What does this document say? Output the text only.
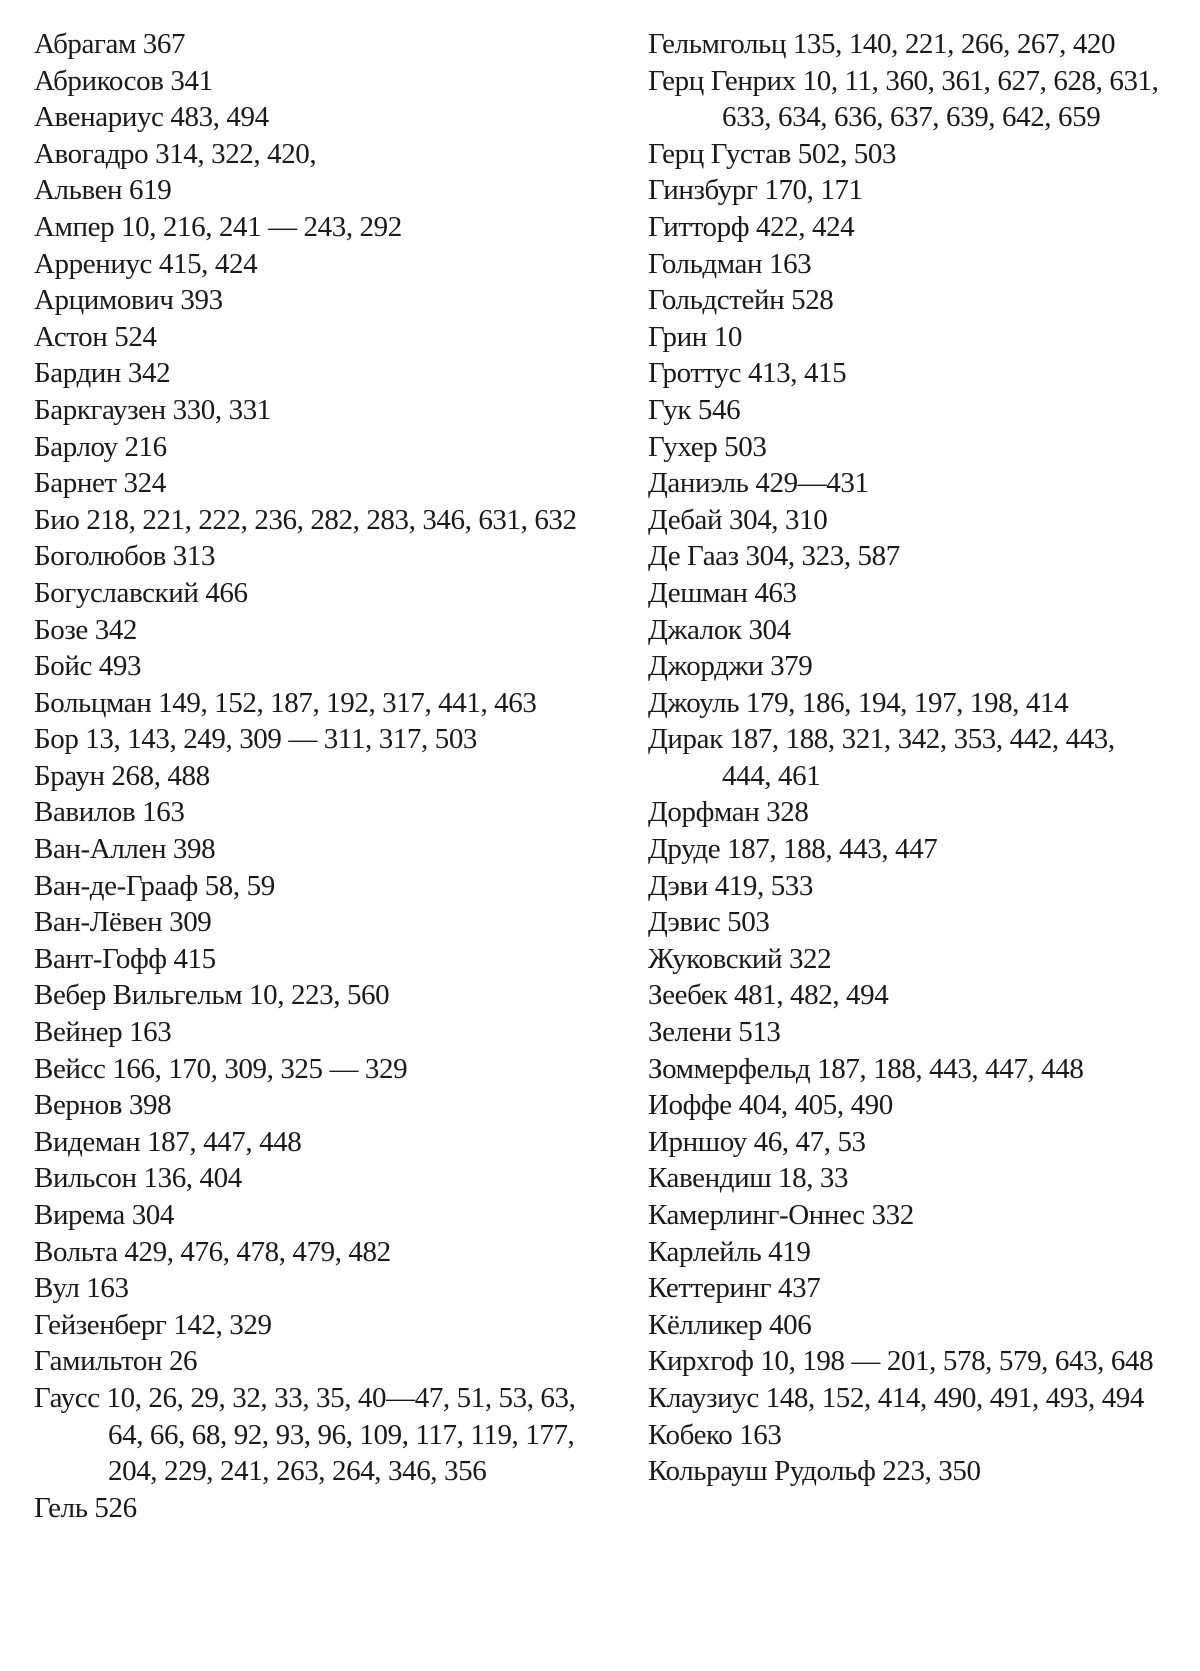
Абрагам 367
Абрикосов 341
Авенариус 483, 494
Авогадро 314, 322, 420,
Альвен 619
Ампер 10, 216, 241 — 243, 292
Аррениус 415, 424
Арцимович 393
Астон 524
Бардин 342
Баркгаузен 330, 331
Барлоу 216
Барнет 324
Био 218, 221, 222, 236, 282, 283, 346, 631, 632
Боголюбов 313
Богуславский 466
Бозе 342
Бойс 493
Больцман 149, 152, 187, 192, 317, 441, 463
Бор 13, 143, 249, 309 — 311, 317, 503
Браун 268, 488
Вавилов 163
Ван-Аллен 398
Ван-де-Грааф 58, 59
Ван-Лёвен 309
Вант-Гофф 415
Вебер Вильгельм 10, 223, 560
Вейнер 163
Вейсс 166, 170, 309, 325 — 329
Вернов 398
Видеман 187, 447, 448
Вильсон 136, 404
Вирема 304
Вольта 429, 476, 478, 479, 482
Вул 163
Гейзенберг 142, 329
Гамильтон 26
Гаусс 10, 26, 29, 32, 33, 35, 40—47, 51, 53, 63, 64, 66, 68, 92, 93, 96, 109, 117, 119, 177, 204, 229, 241, 263, 264, 346, 356
Гель 526
Гельмгольц 135, 140, 221, 266, 267, 420
Герц Генрих 10, 11, 360, 361, 627, 628, 631, 633, 634, 636, 637, 639, 642, 659
Герц Густав 502, 503
Гинзбург 170, 171
Гитторф 422, 424
Гольдман 163
Гольдстейн 528
Грин 10
Гроттус 413, 415
Гук 546
Гухер 503
Даниэль 429—431
Дебай 304, 310
Де Гааз 304, 323, 587
Дешман 463
Джалок 304
Джорджи 379
Джоуль 179, 186, 194, 197, 198, 414
Дирак 187, 188, 321, 342, 353, 442, 443, 444, 461
Дорфман 328
Друде 187, 188, 443, 447
Дэви 419, 533
Дэвис 503
Жуковский 322
Зеебек 481, 482, 494
Зелени 513
Зоммерфельд 187, 188, 443, 447, 448
Иоффе 404, 405, 490
Ирншоу 46, 47, 53
Кавендиш 18, 33
Камерлинг-Оннес 332
Карлейль 419
Кеттеринг 437
Кёлликер 406
Кирхгоф 10, 198 — 201, 578, 579, 643, 648
Клаузиус 148, 152, 414, 490, 491, 493, 494
Кобеко 163
Кольрауш Рудольф 223, 350
